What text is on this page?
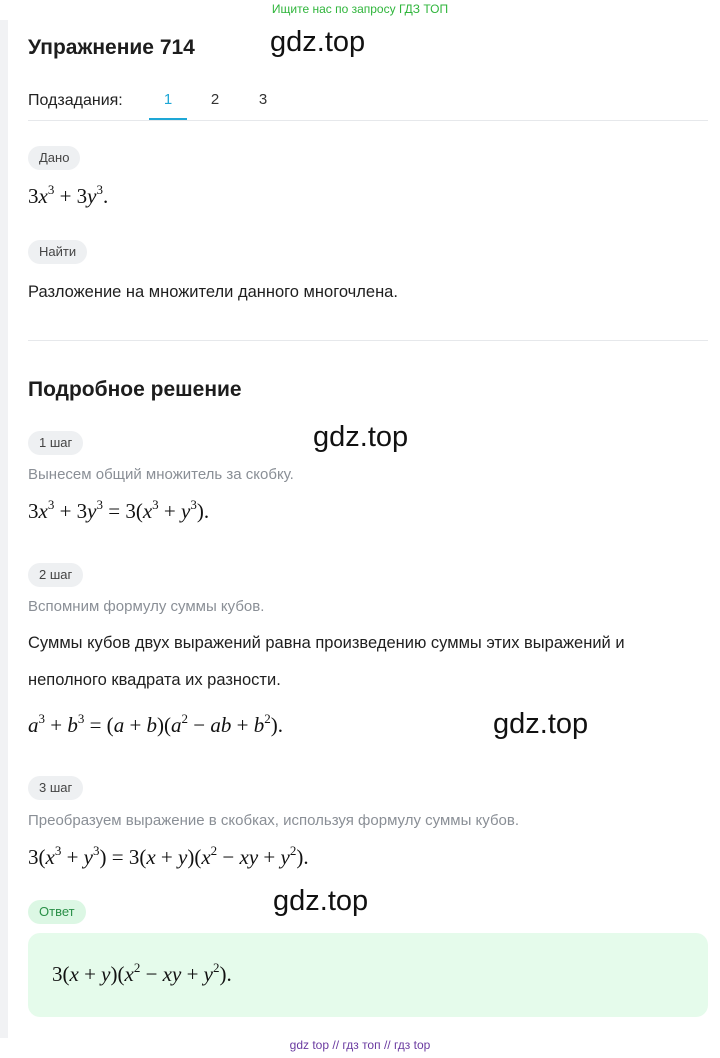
Ищите нас по запросу ГДЗ ТОП
Упражнение 714	gdz.top
Подзадания:	1	2	3
Дано
$3x^3 + 3y^3$.
Найти
Разложение на множители данного многочлена.
Подробное решение
1 шаг	gdz.top
Вынесем общий множитель за скобку.
$3x^3 + 3y^3 = 3(x^3 + y^3)$.
2 шаг
Вспомним формулу суммы кубов.
Суммы кубов двух выражений равна произведению суммы этих выражений и
неполного квадрата их разности.
$a^3 + b^3 = (a + b)(a^2$ − ab + $b^2$).	gdz.top
3 шаг
Преобразуем выражение в скобках, используя формулу суммы кубов.
$3(x^3 + y^3) = 3(x + y)(x^2$ − xy + $y^2$).
Ответ	gdz.top
$3(x + y)(x^2$ − xy + $y^2$).
gdz top // гдз топ // гдз top
